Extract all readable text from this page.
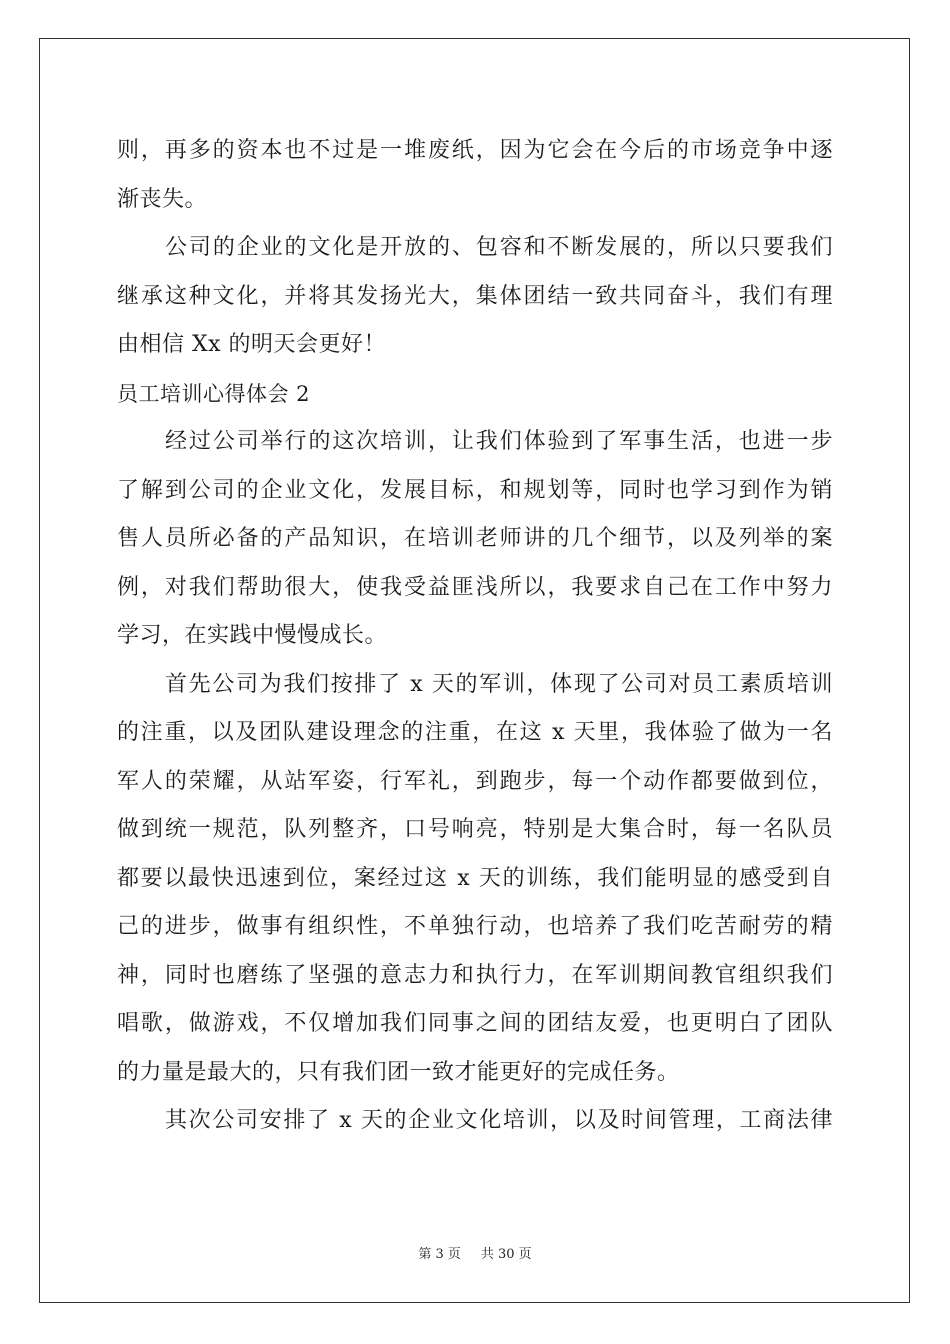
则，再多的资本也不过是一堆废纸，因为它会在今后的市场竞争中逐
渐丧失。
公司的企业的文化是开放的、包容和不断发展的，所以只要我们
继承这种文化，并将其发扬光大，集体团结一致共同奋斗，我们有理
由相信 Xx 的明天会更好！
员工培训心得体会 2
经过公司举行的这次培训，让我们体验到了军事生活，也进一步
了解到公司的企业文化，发展目标，和规划等，同时也学习到作为销
售人员所必备的产品知识，在培训老师讲的几个细节，以及列举的案
例，对我们帮助很大，使我受益匪浅所以，我要求自己在工作中努力
学习，在实践中慢慢成长。
首先公司为我们按排了 x 天的军训，体现了公司对员工素质培训
的注重，以及团队建设理念的注重，在这 x 天里，我体验了做为一名
军人的荣耀，从站军姿，行军礼，到跑步，每一个动作都要做到位，
做到统一规范，队列整齐，口号响亮，特别是大集合时，每一名队员
都要以最快迅速到位，案经过这 x 天的训练，我们能明显的感受到自
己的进步，做事有组织性，不单独行动，也培养了我们吃苦耐劳的精
神，同时也磨练了坚强的意志力和执行力，在军训期间教官组织我们
唱歌，做游戏，不仅增加我们同事之间的团结友爱，也更明白了团队
的力量是最大的，只有我们团一致才能更好的完成任务。
其次公司安排了 x 天的企业文化培训，以及时间管理，工商法律
第 3 页 共 30 页
